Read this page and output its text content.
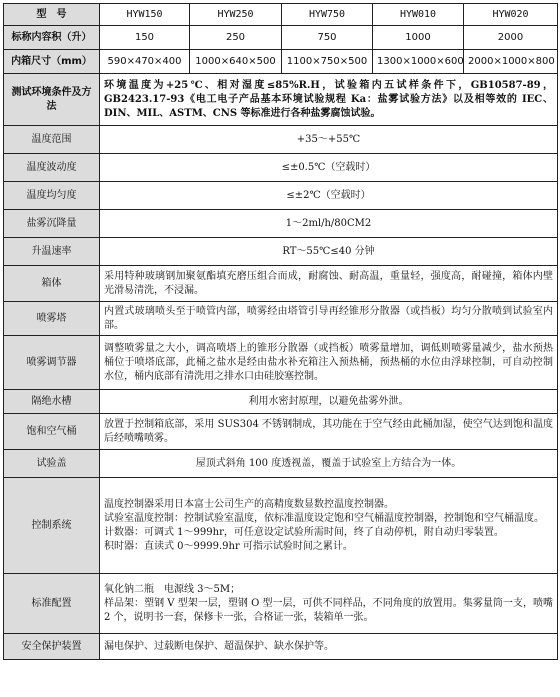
型　号	HYW150	HYW250	HYW750	HYW010	HYW020
标称内容积（升）	150	250	750	1000	2000
内箱尺寸（mm）	590×470×400	1000×640×500	1100×750×500	1300×1000×600	2000×1000×800
测试环境条件及方法	环境温度为+25℃、相对湿度≤85%R.H，试验箱内五试样条件下，GB10587-89，GB2423.17-93《电工电子产品基本环境试验规程 Ka：盐雾试验方法》以及相等效的 IEC、DIN、MIL、ASTM、CNS 等标准进行各种盐雾腐蚀试验。				
温度范围	+35～+55℃				
温度波动度	≤±0.5℃（空载时）				
温度均匀度	≤±2℃（空载时）				
盐雾沉降量	1～2ml/h/80CM2				
升温速率	RT～55℃≤40 分钟				
箱体	采用特种玻璃钢加聚氨酯填充磨压组合而成，耐腐蚀、耐高温，重量轻，强度高，耐碰撞，箱体内壁光滑易清洗，不浸漏。				
喷雾塔	内置式玻璃喷头至于喷管内部，喷雾经由塔管引导再经锥形分散器（或挡板）均匀分散喷到试验室内部。				
喷雾调节器	调整喷雾量之大小，调高喷塔上的锥形分散器（或挡板）喷雾量增加，调低则喷雾量减少，盐水预热桶位于喷塔底部，此桶之盐水是经由盐水补充箱注入预热桶，预热桶的水位由浮球控制，可自动控制水位，桶内底部有清洗用之排水口由硅胶塞控制。				
隔绝水槽	利用水密封原理，以避免盐雾外泄。				
饱和空气桶	放置于控制箱底部，采用 SUS304 不锈钢制成，其功能在于空气经由此桶加湿，使空气达到饱和温度后经喷嘴喷雾。				
试验盖	屋顶式斜角 100 度透视盖，覆盖于试验室上方结合为一体。				
控制系统	温度控制器采用日本富士公司生产的高精度数显数控温度控制器。
试验室温度控制：控制试验室温度，依标准温度设定饱和空气桶温度控制器，控制饱和空气桶温度。
计数器：可调式 1～999hr，可任意设定试验所需时间，终了自动停机，附自动归零装置。
积时器：直读式 0～9999.9hr 可指示试验时间之累计。				

标准配置	氧化钠二瓶　电源线 3～5M；
样品架：塑钢 V 型架一层，塑钢 O 型一层，可供不同样品，不同角度的放置用。集雾量筒一支，喷嘴 2 个，说明书一套，保修卡一张，合格证一张，装箱单一张。				

安全保护装置	漏电保护、过载断电保护、超温保护、缺水保护等。				
